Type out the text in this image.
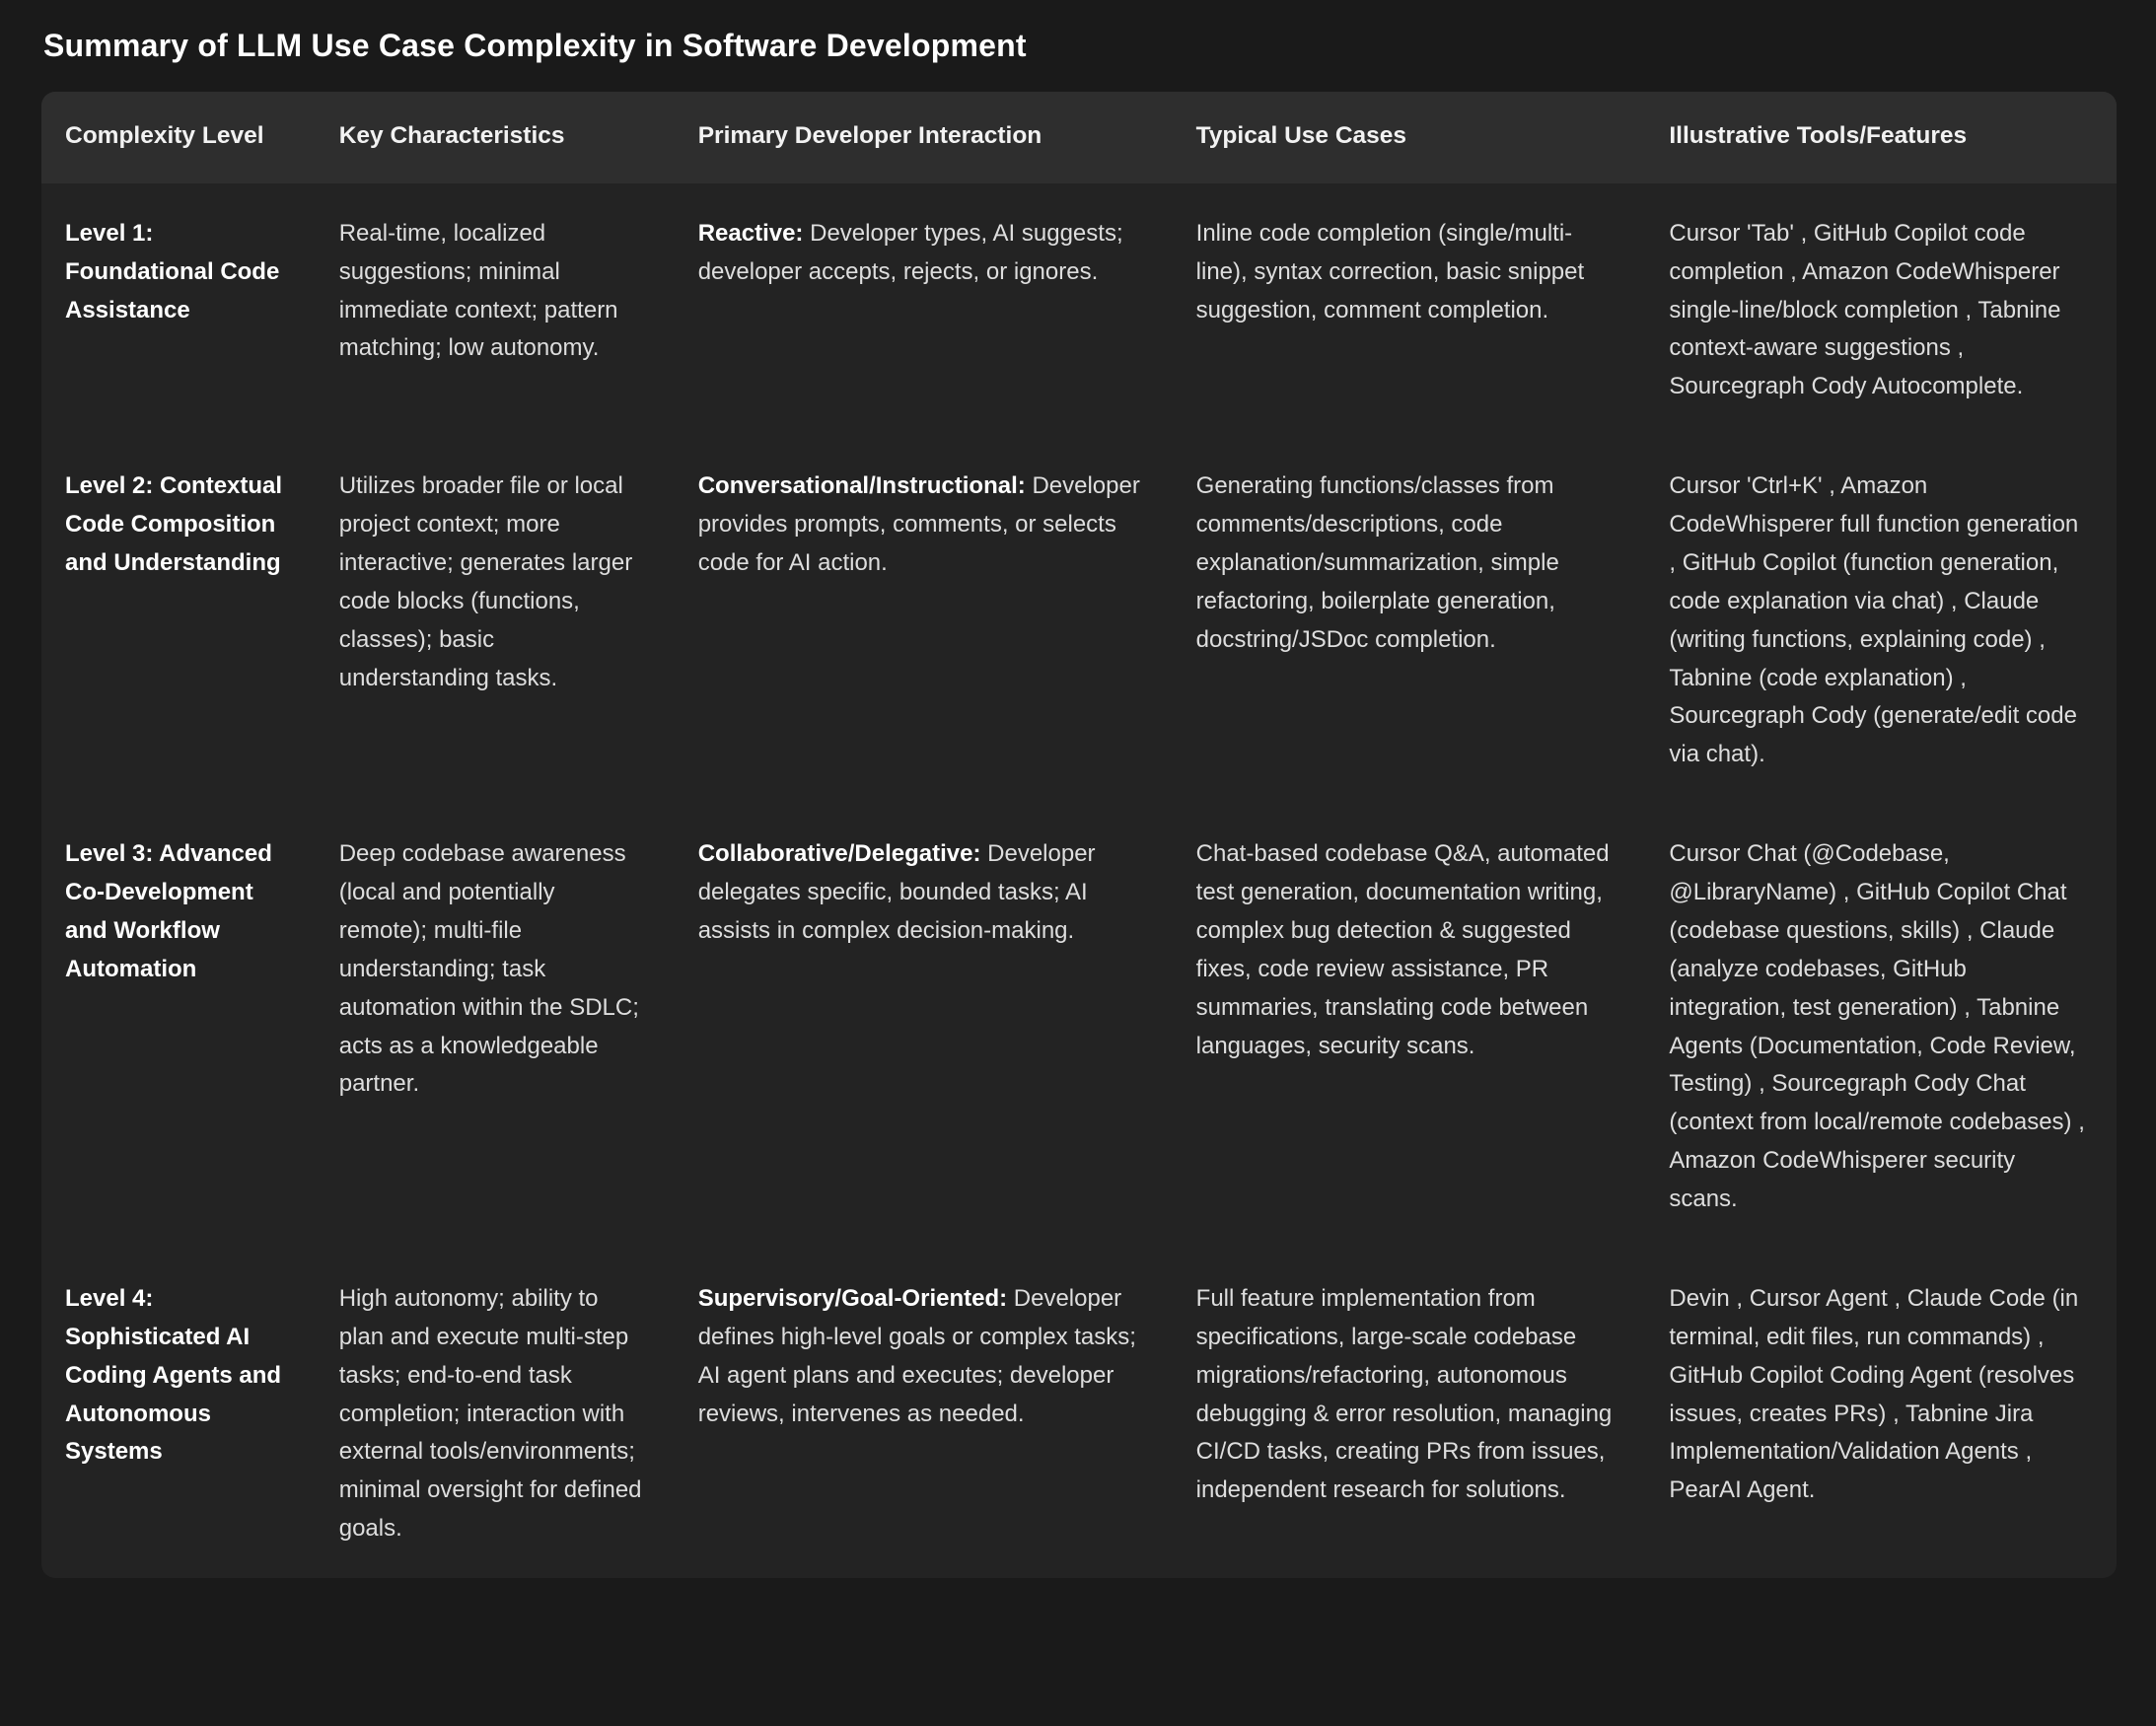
Summary of LLM Use Case Complexity in Software Development
Complexity Level	Key Characteristics	Primary Developer Interaction	Typical Use Cases	Illustrative Tools/Features
Level 1: Foundational Code Assistance	Real-time, localized suggestions; minimal immediate context; pattern matching; low autonomy.	Reactive: Developer types, AI suggests; developer accepts, rejects, or ignores.	Inline code completion (single/multi-line), syntax correction, basic snippet suggestion, comment completion.	Cursor 'Tab' , GitHub Copilot code completion , Amazon CodeWhisperer single-line/block completion , Tabnine context-aware suggestions , Sourcegraph Cody Autocomplete.
Level 2: Contextual Code Composition and Understanding	Utilizes broader file or local project context; more interactive; generates larger code blocks (functions, classes); basic understanding tasks.	Conversational/Instructional: Developer provides prompts, comments, or selects code for AI action.	Generating functions/classes from comments/descriptions, code explanation/summarization, simple refactoring, boilerplate generation, docstring/JSDoc completion.	Cursor 'Ctrl+K' , Amazon CodeWhisperer full function generation , GitHub Copilot (function generation, code explanation via chat) , Claude (writing functions, explaining code) , Tabnine (code explanation) , Sourcegraph Cody (generate/edit code via chat).
Level 3: Advanced Co-Development and Workflow Automation	Deep codebase awareness (local and potentially remote); multi-file understanding; task automation within the SDLC; acts as a knowledgeable partner.	Collaborative/Delegative: Developer delegates specific, bounded tasks; AI assists in complex decision-making.	Chat-based codebase Q&A, automated test generation, documentation writing, complex bug detection & suggested fixes, code review assistance, PR summaries, translating code between languages, security scans.	Cursor Chat (@Codebase, @LibraryName) , GitHub Copilot Chat (codebase questions, skills) , Claude (analyze codebases, GitHub integration, test generation) , Tabnine Agents (Documentation, Code Review, Testing) , Sourcegraph Cody Chat (context from local/remote codebases) , Amazon CodeWhisperer security scans.
Level 4: Sophisticated AI Coding Agents and Autonomous Systems	High autonomy; ability to plan and execute multi-step tasks; end-to-end task completion; interaction with external tools/environments; minimal oversight for defined goals.	Supervisory/Goal-Oriented: Developer defines high-level goals or complex tasks; AI agent plans and executes; developer reviews, intervenes as needed.	Full feature implementation from specifications, large-scale codebase migrations/refactoring, autonomous debugging & error resolution, managing CI/CD tasks, creating PRs from issues, independent research for solutions.	Devin , Cursor Agent , Claude Code (in terminal, edit files, run commands) , GitHub Copilot Coding Agent (resolves issues, creates PRs) , Tabnine Jira Implementation/Validation Agents , PearAI Agent.
